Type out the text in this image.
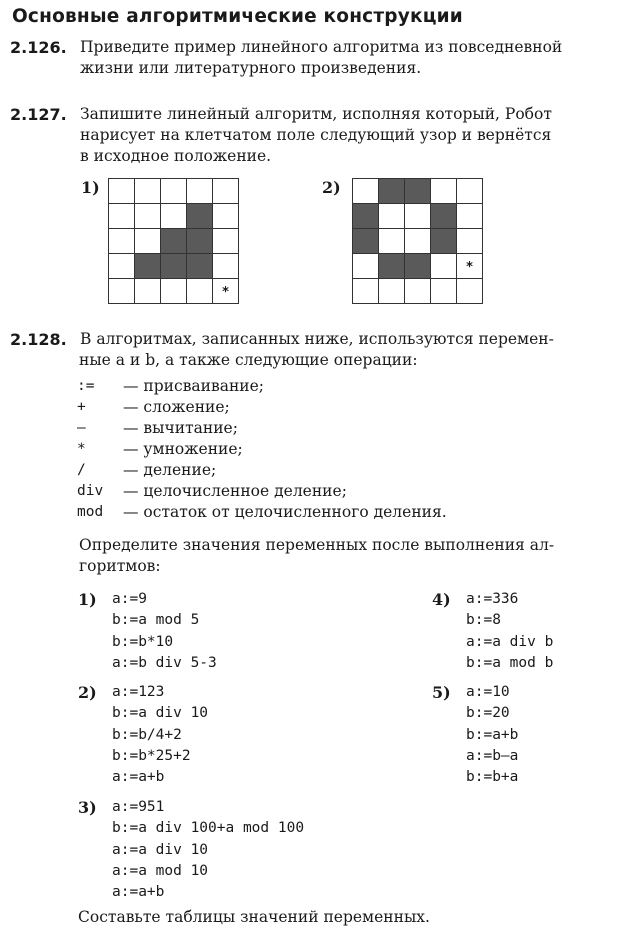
Основные алгоритмические конструкции
2.126. Приведите пример линейного алгоритма из повседневной
жизни или литературного произведения.
2.127. Запишите линейный алгоритм, исполняя который, Робот
нарисует на клетчатом поле следующий узор и вернётся
в исходное положение.
1)

				*
2)

				*

2.128. В алгоритмах, записанных ниже, используются перемен-
ные a и b, а также следующие операции:
:= — присваивание;
+ — сложение;
– — вычитание;
* — умножение;
/ — деление;
div — целочисленное деление;
mod — остаток от целочисленного деления.
Определите значения переменных после выполнения ал-
горитмов:
1) a:=9
b:=a mod 5
b:=b*10
a:=b div 5-3
2) a:=123
b:=a div 10
b:=b/4+2
b:=b*25+2
a:=a+b
3) a:=951
b:=a div 100+a mod 100
a:=a div 10
a:=a mod 10
a:=a+b
4) a:=336
b:=8
a:=a div b
b:=a mod b
5) a:=10
b:=20
b:=a+b
a:=b–a
b:=b+a
Составьте таблицы значений переменных.
